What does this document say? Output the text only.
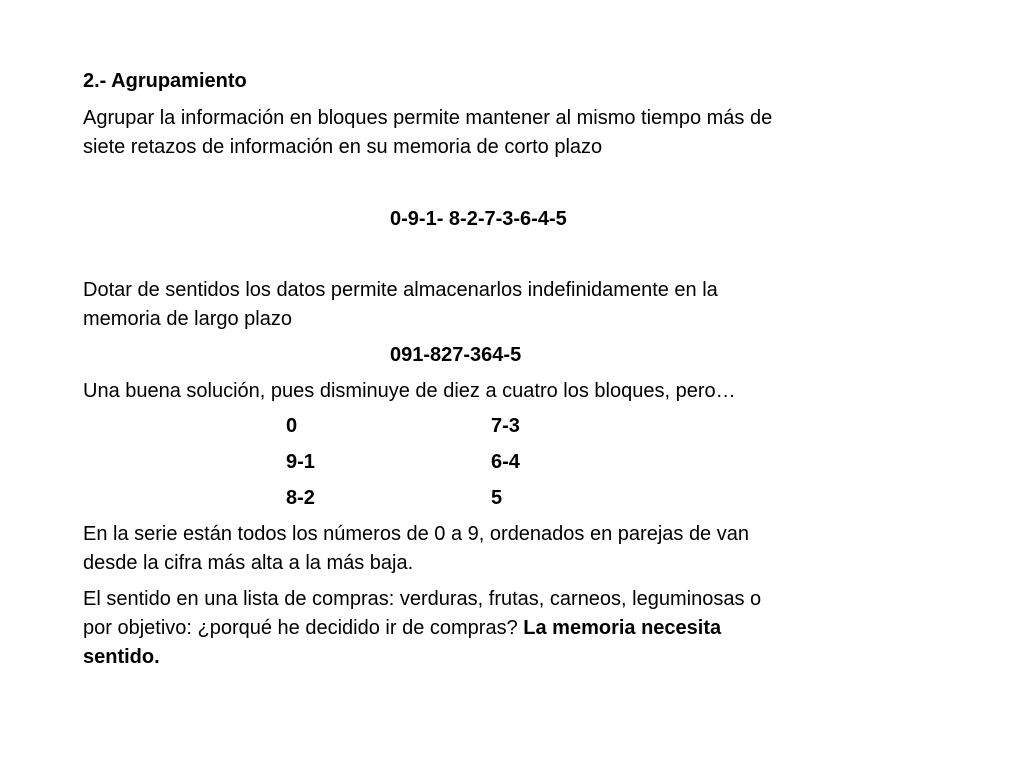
2.- Agrupamiento
Agrupar la información en bloques permite mantener al mismo tiempo más de
siete retazos de información en su memoria de corto plazo
0-9-1- 8-2-7-3-6-4-5
Dotar de sentidos los datos permite almacenarlos indefinidamente en la
memoria de largo plazo
091-827-364-5
Una buena solución, pues disminuye de diez a cuatro los bloques, pero…
0	7-3
9-1	6-4
8-2	5
En la serie están todos los números de 0 a 9, ordenados en parejas de van
desde la cifra más alta a la más baja.
El sentido en una lista de compras: verduras, frutas, carneos, leguminosas o
por objetivo: ¿porqué he decidido ir de compras? La memoria necesita
sentido.
